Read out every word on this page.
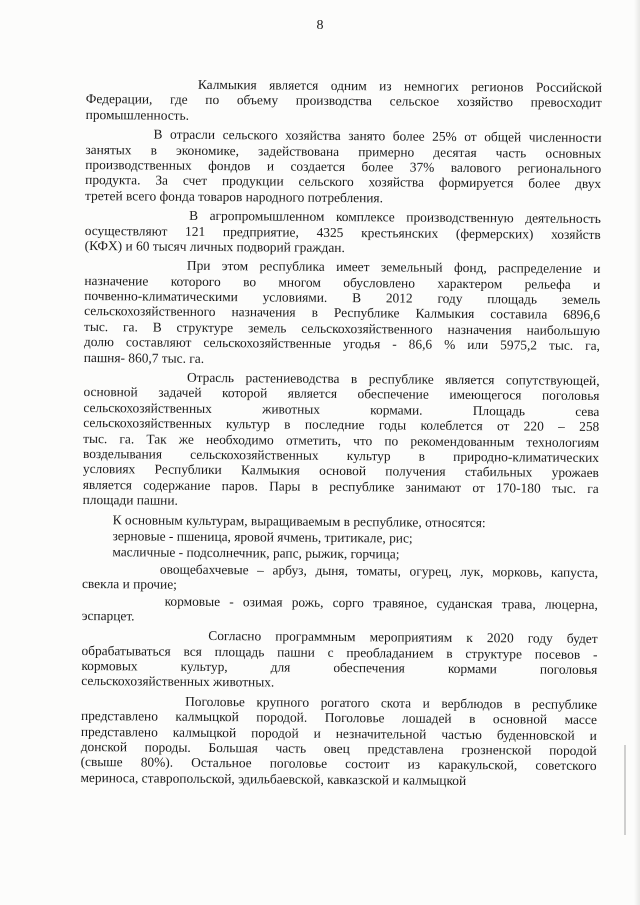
8
Калмыкия является одним из немногих регионов Российской
Федерации, где по объему производства сельское хозяйство превосходит
промышленность.
В отрасли сельского хозяйства занято более 25% от общей численности
занятых в экономике, задействована примерно десятая часть основных
производственных фондов и создается более 37% валового регионального
продукта. За счет продукции сельского хозяйства формируется более двух
третей всего фонда товаров народного потребления.
В агропромышленном комплексе производственную деятельность
осуществляют 121 предприятие, 4325 крестьянских (фермерских) хозяйств
(КФХ) и 60 тысяч личных подворий граждан.
При этом республика имеет земельный фонд, распределение и
назначение которого во многом обусловлено характером рельефа и
почвенно-климатическими условиями. В 2012 году площадь земель
сельскохозяйственного назначения в Республике Калмыкия составила 6896,6
тыс. га. В структуре земель сельскохозяйственного назначения наибольшую
долю составляют сельскохозяйственные угодья - 86,6 % или 5975,2 тыс. га,
пашня- 860,7 тыс. га.
Отрасль растениеводства в республике является сопутствующей,
основной задачей которой является обеспечение имеющегося поголовья
сельскохозяйственных животных кормами. Площадь сева
сельскохозяйственных культур в последние годы колеблется от 220 – 258
тыс. га. Так же необходимо отметить, что по рекомендованным технологиям
возделывания сельскохозяйственных культур в природно-климатических
условиях Республики Калмыкия основой получения стабильных урожаев
является содержание паров. Пары в республике занимают от 170-180 тыс. га
площади пашни.
К основным культурам, выращиваемым в республике, относятся:
зерновые - пшеница, яровой ячмень, тритикале, рис;
масличные - подсолнечник, рапс, рыжик, горчица;
овощебахчевые – арбуз, дыня, томаты, огурец, лук, морковь, капуста,
свекла и прочие;
кормовые - озимая рожь, сорго травяное, суданская трава, люцерна,
эспарцет.
Согласно программным мероприятиям к 2020 году будет
обрабатываться вся площадь пашни с преобладанием в структуре посевов -
кормовых культур, для обеспечения кормами поголовья
сельскохозяйственных животных.
Поголовье крупного рогатого скота и верблюдов в республике
представлено калмыцкой породой. Поголовье лошадей в основной массе
представлено калмыцкой породой и незначительной частью буденновской и
донской породы. Большая часть овец представлена грозненской породой
(свыше 80%). Остальное поголовье состоит из каракульской, советского
мериноса, ставропольской, эдильбаевской, кавказской и калмыцкой
